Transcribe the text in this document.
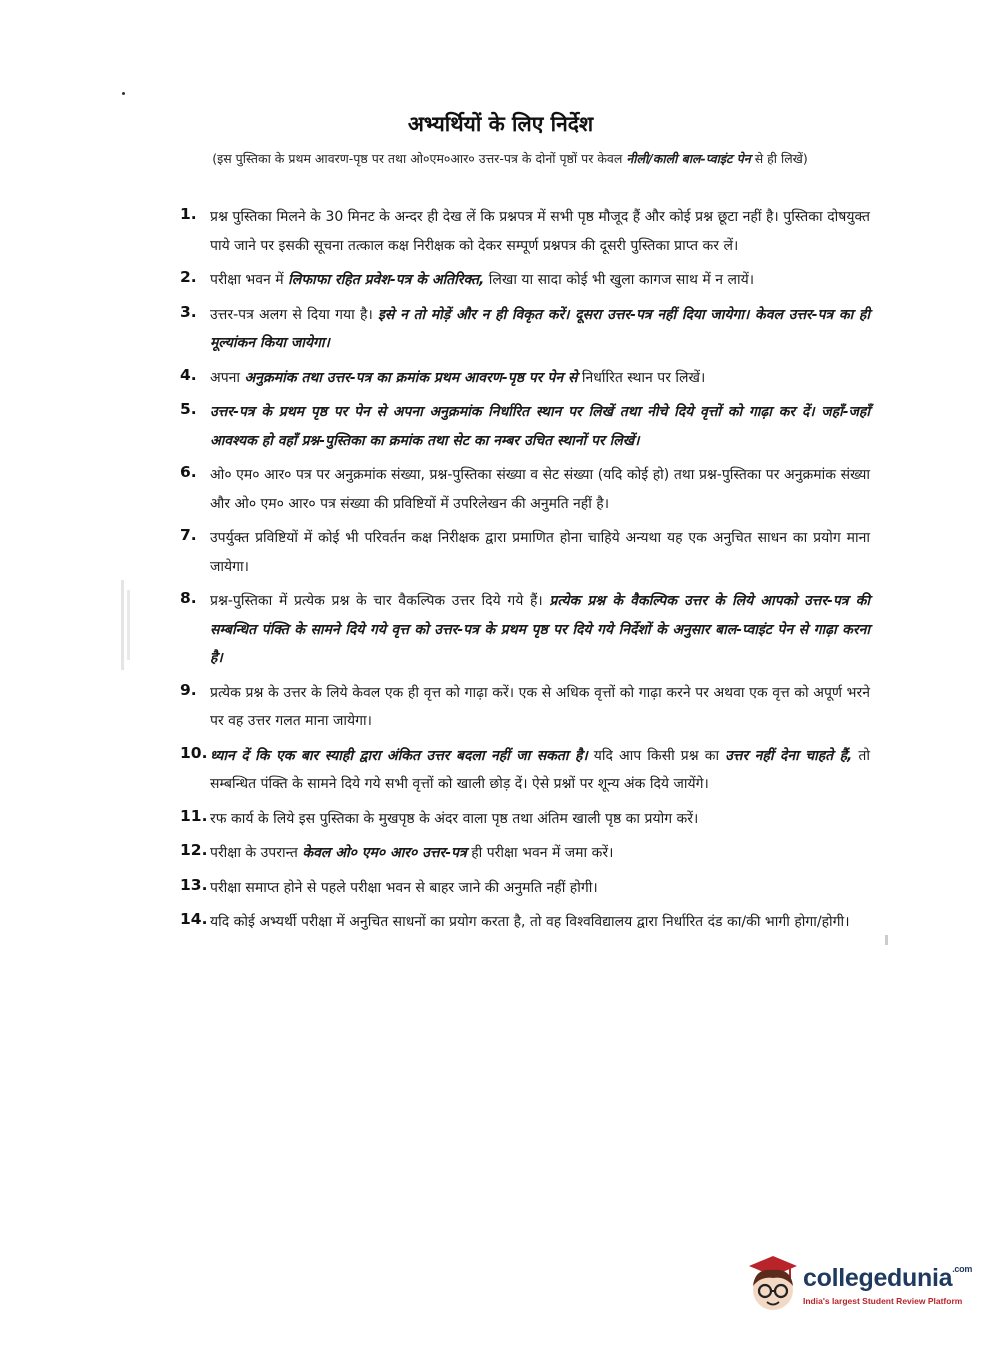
अभ्यर्थियों के लिए निर्देश
(इस पुस्तिका के प्रथम आवरण-पृष्ठ पर तथा ओ०एम०आर० उत्तर-पत्र के दोनों पृष्ठों पर केवल नीली/काली बाल-प्वाइंट पेन से ही लिखें)
1. प्रश्न पुस्तिका मिलने के 30 मिनट के अन्दर ही देख लें कि प्रश्नपत्र में सभी पृष्ठ मौजूद हैं और कोई प्रश्न छूटा नहीं है। पुस्तिका दोषयुक्त पाये जाने पर इसकी सूचना तत्काल कक्ष निरीक्षक को देकर सम्पूर्ण प्रश्नपत्र की दूसरी पुस्तिका प्राप्त कर लें।
2. परीक्षा भवन में लिफाफा रहित प्रवेश-पत्र के अतिरिक्त, लिखा या सादा कोई भी खुला कागज साथ में न लायें।
3. उत्तर-पत्र अलग से दिया गया है। इसे न तो मोड़ें और न ही विकृत करें। दूसरा उत्तर-पत्र नहीं दिया जायेगा। केवल उत्तर-पत्र का ही मूल्यांकन किया जायेगा।
4. अपना अनुक्रमांक तथा उत्तर-पत्र का क्रमांक प्रथम आवरण-पृष्ठ पर पेन से निर्धारित स्थान पर लिखें।
5. उत्तर-पत्र के प्रथम पृष्ठ पर पेन से अपना अनुक्रमांक निर्धारित स्थान पर लिखें तथा नीचे दिये वृत्तों को गाढ़ा कर दें। जहाँ-जहाँ आवश्यक हो वहाँ प्रश्न-पुस्तिका का क्रमांक तथा सेट का नम्बर उचित स्थानों पर लिखें।
6. ओ० एम० आर० पत्र पर अनुक्रमांक संख्या, प्रश्न-पुस्तिका संख्या व सेट संख्या (यदि कोई हो) तथा प्रश्न-पुस्तिका पर अनुक्रमांक संख्या और ओ० एम० आर० पत्र संख्या की प्रविष्टियों में उपरिलेखन की अनुमति नहीं है।
7. उपर्युक्त प्रविष्टियों में कोई भी परिवर्तन कक्ष निरीक्षक द्वारा प्रमाणित होना चाहिये अन्यथा यह एक अनुचित साधन का प्रयोग माना जायेगा।
8. प्रश्न-पुस्तिका में प्रत्येक प्रश्न के चार वैकल्पिक उत्तर दिये गये हैं। प्रत्येक प्रश्न के वैकल्पिक उत्तर के लिये आपको उत्तर-पत्र की सम्बन्धित पंक्ति के सामने दिये गये वृत्त को उत्तर-पत्र के प्रथम पृष्ठ पर दिये गये निर्देशों के अनुसार बाल-प्वाइंट पेन से गाढ़ा करना है।
9. प्रत्येक प्रश्न के उत्तर के लिये केवल एक ही वृत्त को गाढ़ा करें। एक से अधिक वृत्तों को गाढ़ा करने पर अथवा एक वृत्त को अपूर्ण भरने पर वह उत्तर गलत माना जायेगा।
10. ध्यान दें कि एक बार स्याही द्वारा अंकित उत्तर बदला नहीं जा सकता है। यदि आप किसी प्रश्न का उत्तर नहीं देना चाहते हैं, तो सम्बन्धित पंक्ति के सामने दिये गये सभी वृत्तों को खाली छोड़ दें। ऐसे प्रश्नों पर शून्य अंक दिये जायेंगे।
11. रफ कार्य के लिये इस पुस्तिका के मुखपृष्ठ के अंदर वाला पृष्ठ तथा अंतिम खाली पृष्ठ का प्रयोग करें।
12. परीक्षा के उपरान्त केवल ओ० एम० आर० उत्तर-पत्र ही परीक्षा भवन में जमा करें।
13. परीक्षा समाप्त होने से पहले परीक्षा भवन से बाहर जाने की अनुमति नहीं होगी।
14. यदि कोई अभ्यर्थी परीक्षा में अनुचित साधनों का प्रयोग करता है, तो वह विश्वविद्यालय द्वारा निर्धारित दंड का/की भागी होगा/होगी।
collegedunia$^{.com}$
India's largest Student Review Platform
